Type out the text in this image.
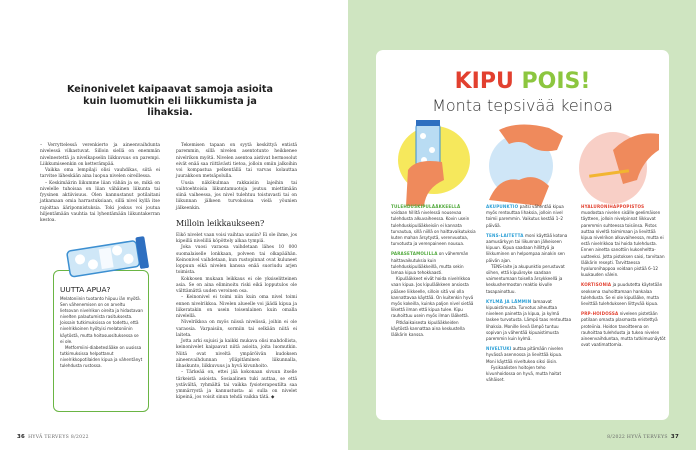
Keinonivelet kaipaavat samoja asioita kuin luomutkin eli liikkumista ja lihaksia.

– Verryttelessä verenkierto ja aineenvaihdunta nivelessä vilkastuvat. Silloin siellä on enemmän nivelnestettä ja nivelkapselin liikkuvuus on parempi. Liikkumiseenkin on ketterämpää.

Vaikka oma lempilaji olisi vauhdikas, siitä ei tarvitse läheskään aina luopua nivelen oireillessa.

– Keskimäärin liikumme liian vähän ja se, mikä on nivelelle tuhoisaa on liian vähäinen liikunta tai fyysinen aktiivisuus. Olen kannustanut potilaitani jatkamaan omia harrastuksiaan, sillä nivel kyllä itse rajoittaa ääriponnistuksia. Toki joskus voi joutua hiljentämään vauhtia tai lyhentämään liikuntakerran kestoa.

Tekemisen tapaan on syytä keskittyä entistä paremmin, sillä nivelen asentotunto heikkenee nivelrikon myötä. Nivelen asentoa aistivat hermosolut eivät enää saa riittävästi tietoa, jolloin omiin jalkoihin voi kompastua pelkentällä tai varvas kolauttaa juurakkoon metsäpolulla.

Uusia näkökulmaa rakkaisiin lajeihin tai vaihtoehtoisia liikuntamuotoja joutuu miettimään siinä vaiheessa, jos nivel tulehtuu toistuvasti tai on liikunnan jälkeen turvoksissa vielä yöunien jälkeenkin.

Milloin leikkaukseen?

Eikö nivelet vaan voisi vaihtaa uusiin? Ei ole ihme, jos kipeillä nivelillä köpöttely alkaa tympiä.

Joka vuosi varaosa vaihdetaan lähes 10 000 suomalaiselle lonkkaan, polveen tai olkapäähän. Keinonivel vaihdetaan, kun rustopinnat ovat kuluneet loppuun eikä nivelen kanssa enää suoriudu arjen toimista.

Kokkosen mukaan leikkaus ei ole yksiselitteinen asia. Se on aina eliminoitu riski eikä lopputulos ole välttämättä uuden veroinen osa.

– Keinonivel ei toimi niin kuin oma nivel toimi ennen nivelrikkoa. Nivelen alueelle voi jäädä kipua ja liikeratakin on usein toisenlainen kuin omalla nivelellä.

Nivelrikkoa on myös niissä nivelissä, joihin ei ole varaosia. Varpaisiin, sormiin tai selkään niitä ei laiteta.

Jotta arki sujuisi ja kaikki mukava olisi mahdollista, keinonivelet kaipaavat niitä asioita, joita luomutkin. Niitä ovat niveltä ympäröivän kudoksen aineenvaihdunnan ylläpitäminen liikunnalla, lihaskunto, liikkuvuus ja hyvä kivunhoito.

– Tärkeää on, ettei jää kokonaan sivuun itselle tärkeistä asioista. Sosiaalinen tuki auttaa, se että ystävältä, ryhmältä tai vaikka fysioterapeutilta saa ymmärrystä ja kannustusta: ai sulla on nivelet kipeinä, jos voisit sinun tehdä vaikka tätä. ◆

UUTTA APUA?

Melatoniinin tuotanto hiipuu iän myötä. Sen vähenemisen on on arveltu lietsovan nivelrikon oireita ja hidastavan nivelten palautumista rasituksesta. Joissain tutkimuksissa on todettu, että nivelrikkoinen hyötyisi melatoniinin käytöstä, mutta hoitosuosituksessa se ei ole.

Metformiini-diabeteslääke on uusissa tutkimuksissa helpottanut nivelrikkopotilaiden kipua ja vähentänyt tulehdusta rustossa.

36 HYVÄ TERVEYS 8/2022	8/2022 HYVÄ TERVEYS 37
KIPU POIS!
Monta tepsivää keinoa

TULEHDUSKIPULÄÄKKEELLÄ voidaan hillitä nivelessä nousevaa tulehdusta alkuvaiheessa. Kovin usein tulehduskipulääkkeisiin ei kannata turvautua, sillä niillä on haittavaikutuksia kuten mahan ärsytystä, verenvuotoa, turvotusta ja verenpaineen nousua.

PARASETAMOLILLA on vähemmän haittavaikutuksia kuin tulehduskipulääkkeillä, mutta sekin lamaa kipua tehokkaasti.

Kipulääkkeet eivät hoida nivelrikkoa vaan kipua. Jos kipulääkkeen ansiosta pääsee liikkeelle, silloin sitä voi olla kannattavaa käyttää. On kuitenkin hyvä myös kokeilla, kuinka paljon nivel sietää liikettä ilman että kipua tulee. Kipu rauhoittuu usein myös ilman lääkettä.

Pitkäaikaisesta kipulääkkeiden käytöstä kannattaa aina keskustella lääkärin kanssa.

AKUPUNKTIO paitsi vähentää kipua myös rentouttaa lihaksia, jolloin nivel toimii paremmin. Vaikutus kestää 1–2 päivää.

TENS-LAITETTA moni käyttää kotona aamusärkyyn tai liikunnan jälkeiseen kipuun. Kipua saadaan hillittyä ja liikkuminen on helpompaa ainakin sen päivän ajan.

TENS-laite ja akupunktio perustuvat siihen, että kipuärsyke saadaan vaimentumaan toisella ärsykkeellä ja keskushermoston reaktio kivulle tasapainottuu.

KYLMÄ JA LÄMMIN lamaavat kipuaistimusta. Turvotus aiheuttaa niveleen painetta ja kipua, ja kylmä laskee turvotusta. Lämpö taas rentouttaa lihaksia. Monille lievä lämpö tuntuu sopivan ja vähentää kipuaistimusta paremmin kuin kylmä.

NIVELTUKI auttaa pitämään nivelen hyvässä asennossa ja lievittää kipua. Moni käyttää niveltukea siksi öisin.

Fysikaalisten hoitojen teho kivunhoidossa on hyvä, mutta haitat vähäiset.

HYALURONIHAPPOPISTOS muodostaa nivelen sisälle geelimäisen täytteen, jolloin nivelpinnat liikkuvat paremmin suhteessa toisiinsa. Pistos auttaa niveltä toimimaan ja lievittää kipua nivelrikon alkuvaiheessa, mutta ei estä nivelrikkoa tai hoida tulehdusta. Ennen ainetta sanottiin kukonhelttauutteeksi. Jotta pistoksen saisi, tarvitaan lääkärin resepti. Tarvittaessa hyaluronihappoa voidaan pistää 6–12 kuukauden välein.

KORTISONIA ja puudutetta käytetään seoksena rauhoittamaan hankalaa tulehdusta. Se ei ole kipulääke, mutta lievittää tulehdukseen liittyvää kipua.

PRP-HOIDOSSA niveleen pistetään potilaan omasta plasmasta eristettyä proteiinia. Hoidon tavoitteena on rauhoittaa tulehdusta ja tukea nivelen aineenvaihduntaa, mutta tutkimusnäytöt ovat vaatimattomia.
